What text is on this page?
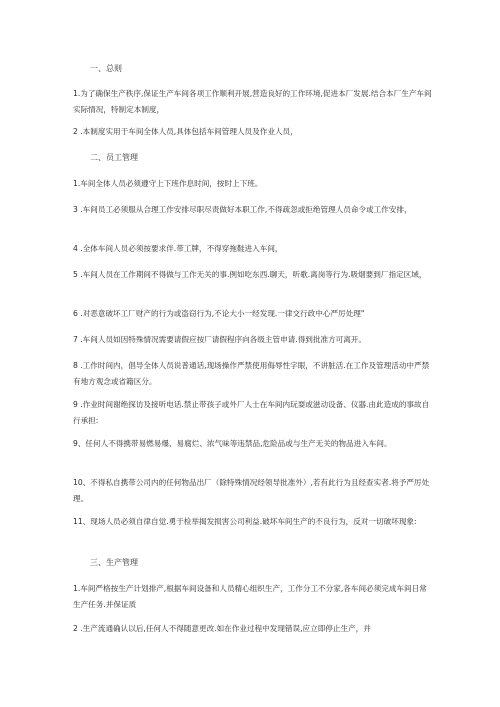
一、总则
1.为了确保生产秩序,保证生产车间各项工作顺利开展,营造良好的工作环境,促进本厂发展.结合本厂生产车间实际情况，特制定本制度，
2 .本制度实用于车间全体人员,具体包括车间管理人员及作业人员，
二、员工管理
1.车间全体人员必须遵守上下班作息时间，按时上下班。
3 .车间员工必须服从合理工作安排尽职尽责做好本职工作,不得疏忽或拒绝管理人员命令或工作安排，
4 .全体车间人员必须按要求伴.带工牌，不得穿拖鞋进入车间，
5 .车间人员在工作期间不得做与工作无关的事.例如吃东西.聊天，听歌.离岗等行为.吸烟要到厂指定区域，
6 .对恶意破坏工厂财产的行为或盗窃行为,不论大小一经发现.一律交行政中心严厉处理"
7 .车间人员如因特殊情况需要请假应按厂请假程序向各级主管申请.得到批准方可离开。
8 .工作时间内，倡导全体人员说普通话,现场操作严禁使用侮辱性字眼，不讲脏活.在工作及管理活动中严禁有地方观念或省籍区分。
9 .作业时间谢绝探访及接听电话.禁止带孩子或外厂人士在车间内玩耍或滋动设备、仪器.由此造成的事故自行承担:
9、任何人不得携带易燃易爆、易腐烂、浓气味等违禁品,危险品或与生产无关的物品进入车间。
10、不得私自携带公司内的任何物品出厂（除特殊情况经领导批准外）,若有此行为且经查实者.将予严厉处理。
11、现场人员必须自律自觉.勇于检举揭发损害公司利益.破坏车间生产的不良行为，反对一切破坏现象:
三、生产管理
1.车间严格按生产计划排产,根据车间设备和人员精心组织生产，工作分工不分家,各车间必须完成车间日常生产任务.并保证质
2 .生产流通确认以后,任何人不得随意更改.如在作业过程中发现错误,应立即停止生产，并
